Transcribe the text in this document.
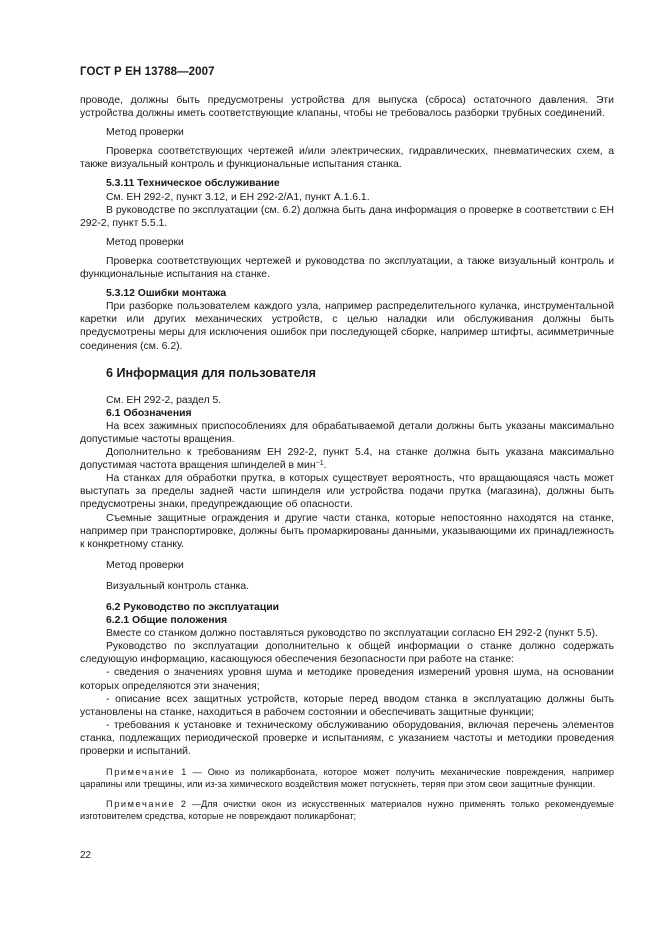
ГОСТ Р ЕН 13788—2007

проводе, должны быть предусмотрены устройства для выпуска (сброса) остаточного давления. Эти устройства должны иметь соответствующие клапаны, чтобы не требовалось разборки трубных соединений.

Метод проверки

Проверка соответствующих чертежей и/или электрических, гидравлических, пневматических схем, а также визуальный контроль и функциональные испытания станка.

5.3.11 Техническое обслуживание

См. ЕН 292-2, пункт 3.12, и ЕН 292-2/А1, пункт А.1.6.1.

В руководстве по эксплуатации (см. 6.2) должна быть дана информация о проверке в соответствии с ЕН 292-2, пункт 5.5.1.

Метод проверки

Проверка соответствующих чертежей и руководства по эксплуатации, а также визуальный контроль и функциональные испытания на станке.

5.3.12 Ошибки монтажа

При разборке пользователем каждого узла, например распределительного кулачка, инструментальной каретки или других механических устройств, с целью наладки или обслуживания должны быть предусмотрены меры для исключения ошибок при последующей сборке, например штифты, асимметричные соединения (см. 6.2).

6 Информация для пользователя

См. ЕН 292-2, раздел 5.

6.1 Обозначения

На всех зажимных приспособлениях для обрабатываемой детали должны быть указаны максимально допустимые частоты вращения.

Дополнительно к требованиям ЕН 292-2, пункт 5.4, на станке должна быть указана максимально допустимая частота вращения шпинделей в мин$^{-1}$.

На станках для обработки прутка, в которых существует вероятность, что вращающаяся часть может выступать за пределы задней части шпинделя или устройства подачи прутка (магазина), должны быть предусмотрены знаки, предупреждающие об опасности.

Съемные защитные ограждения и другие части станка, которые непостоянно находятся на станке, например при транспортировке, должны быть промаркированы данными, указывающими их принадлежность к конкретному станку.

Метод проверки

Визуальный контроль станка.

6.2 Руководство по эксплуатации

6.2.1 Общие положения

Вместе со станком должно поставляться руководство по эксплуатации согласно ЕН 292-2 (пункт 5.5).

Руководство по эксплуатации дополнительно к общей информации о станке должно содержать следующую информацию, касающуюся обеспечения безопасности при работе на станке:

- сведения о значениях уровня шума и методике проведения измерений уровня шума, на основании которых определяются эти значения;

- описание всех защитных устройств, которые перед вводом станка в эксплуатацию должны быть установлены на станке, находиться в рабочем состоянии и обеспечивать защитные функции;

- требования к установке и техническому обслуживанию оборудования, включая перечень элементов станка, подлежащих периодической проверке и испытаниям, с указанием частоты и методики проведения проверки и испытаний.

Примечание 1 — Окно из поликарбоната, которое может получить механические повреждения, например царапины или трещины, или из-за химического воздействия может потускнеть, теряя при этом свои защитные функции.

Примечание 2 —Для очистки окон из искусственных материалов нужно применять только рекомендуемые изготовителем средства, которые не повреждают поликарбонат;

22
